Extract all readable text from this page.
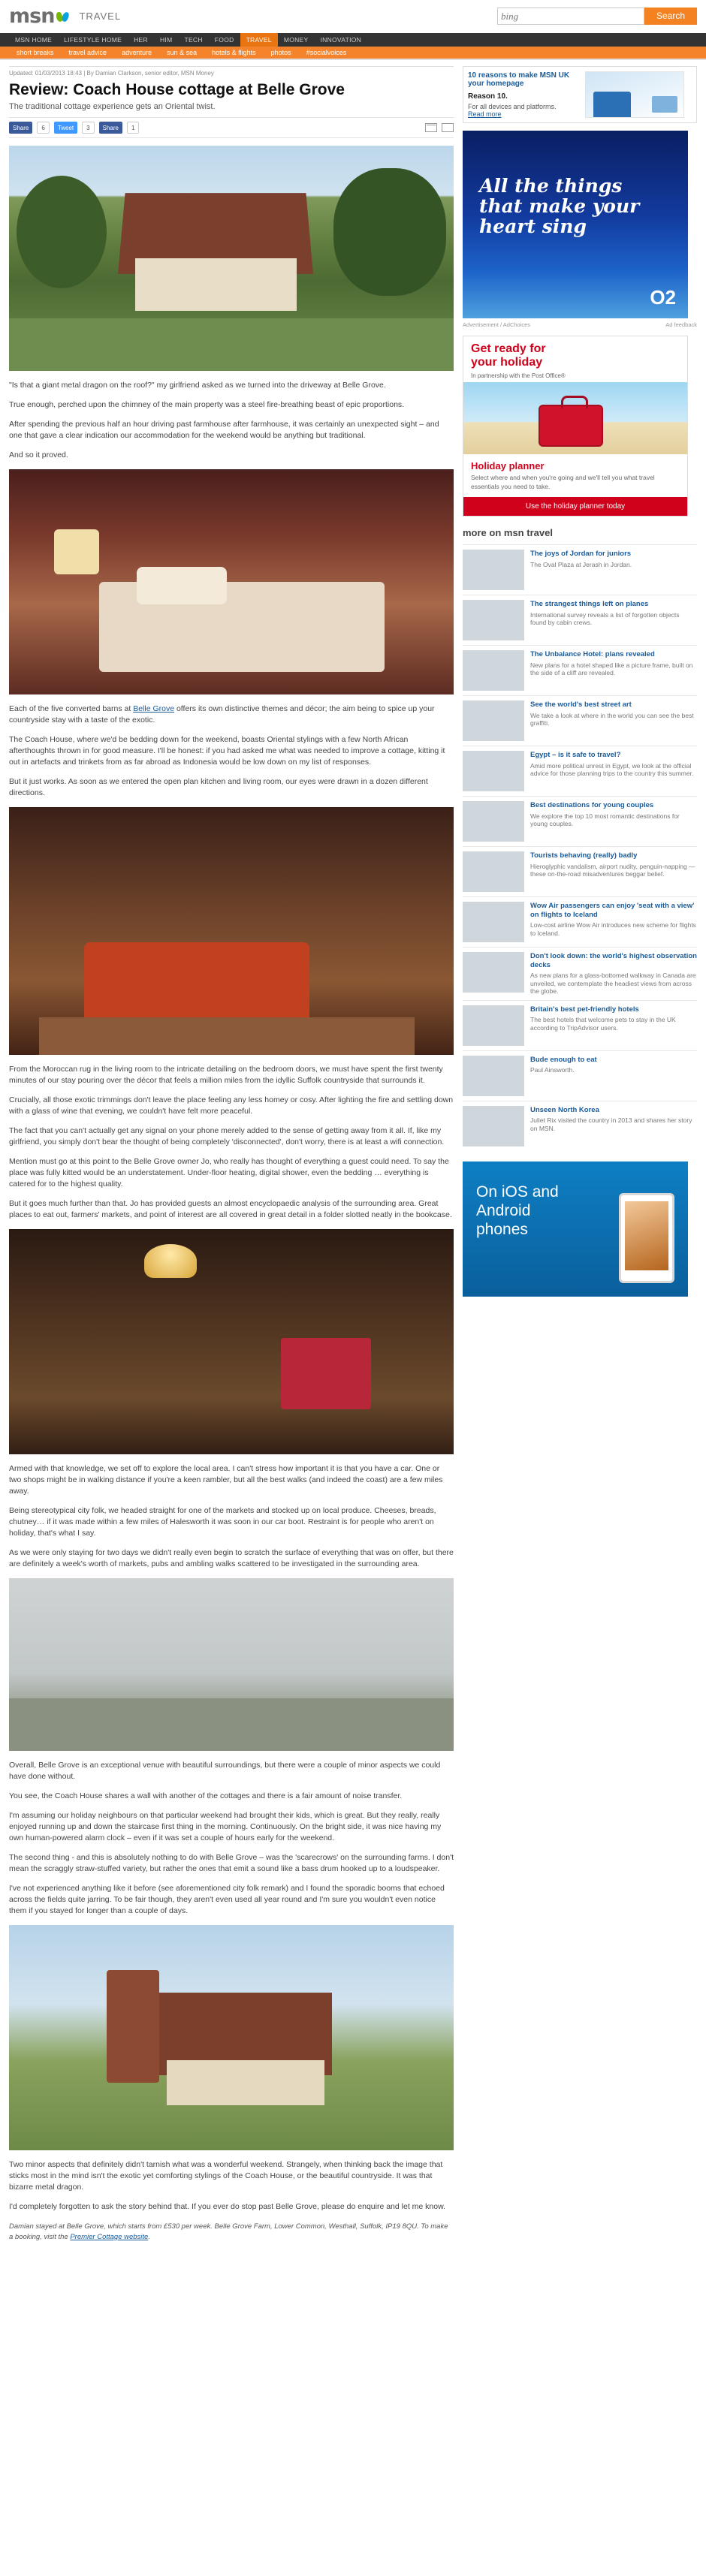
msn	TRAVEL	bing	Search
MSN HOME	LIFESTYLE HOME	HER	HIM	TECH	FOOD	TRAVEL	MONEY	INNOVATION
short breaks	travel advice	adventure	sun & sea	hotels & flights	photos	#socialvoices
Updated: 01/03/2013 18:43 | By Damian Clarkson, senior editor, MSN Money
Review: Coach House cottage at Belle Grove
The traditional cottage experience gets an Oriental twist.
Share	6	Tweet	3	Share	1

"Is that a giant metal dragon on the roof?" my girlfriend asked as we turned into the driveway at Belle Grove.

True enough, perched upon the chimney of the main property was a steel fire-breathing beast of epic proportions.

After spending the previous half an hour driving past farmhouse after farmhouse, it was certainly an unexpected sight – and one that gave a clear indication our accommodation for the weekend would be anything but traditional.

And so it proved.

Each of the five converted barns at Belle Grove offers its own distinctive themes and décor; the aim being to spice up your countryside stay with a taste of the exotic.

The Coach House, where we'd be bedding down for the weekend, boasts Oriental stylings with a few North African afterthoughts thrown in for good measure. I'll be honest: if you had asked me what was needed to improve a cottage, kitting it out in artefacts and trinkets from as far abroad as Indonesia would be low down on my list of responses.

But it just works. As soon as we entered the open plan kitchen and living room, our eyes were drawn in a dozen different directions.

From the Moroccan rug in the living room to the intricate detailing on the bedroom doors, we must have spent the first twenty minutes of our stay pouring over the décor that feels a million miles from the idyllic Suffolk countryside that surrounds it.

Crucially, all those exotic trimmings don't leave the place feeling any less homey or cosy. After lighting the fire and settling down with a glass of wine that evening, we couldn't have felt more peaceful.

The fact that you can't actually get any signal on your phone merely added to the sense of getting away from it all. If, like my girlfriend, you simply don't bear the thought of being completely 'disconnected', don't worry, there is at least a wifi connection.

Mention must go at this point to the Belle Grove owner Jo, who really has thought of everything a guest could need. To say the place was fully kitted would be an understatement. Under-floor heating, digital shower, even the bedding … everything is catered for to the highest quality.

But it goes much further than that. Jo has provided guests an almost encyclopaedic analysis of the surrounding area. Great places to eat out, farmers' markets, and point of interest are all covered in great detail in a folder slotted neatly in the bookcase.

Armed with that knowledge, we set off to explore the local area. I can't stress how important it is that you have a car. One or two shops might be in walking distance if you're a keen rambler, but all the best walks (and indeed the coast) are a few miles away.

Being stereotypical city folk, we headed straight for one of the markets and stocked up on local produce. Cheeses, breads, chutney… if it was made within a few miles of Halesworth it was soon in our car boot. Restraint is for people who aren't on holiday, that's what I say.

As we were only staying for two days we didn't really even begin to scratch the surface of everything that was on offer, but there are definitely a week's worth of markets, pubs and ambling walks scattered to be investigated in the surrounding area.

Overall, Belle Grove is an exceptional venue with beautiful surroundings, but there were a couple of minor aspects we could have done without.

You see, the Coach House shares a wall with another of the cottages and there is a fair amount of noise transfer.

I'm assuming our holiday neighbours on that particular weekend had brought their kids, which is great. But they really, really enjoyed running up and down the staircase first thing in the morning. Continuously. On the bright side, it was nice having my own human-powered alarm clock – even if it was set a couple of hours early for the weekend.

The second thing - and this is absolutely nothing to do with Belle Grove – was the 'scarecrows' on the surrounding farms. I don't mean the scraggly straw-stuffed variety, but rather the ones that emit a sound like a bass drum hooked up to a loudspeaker.

I've not experienced anything like it before (see aforementioned city folk remark) and I found the sporadic booms that echoed across the fields quite jarring. To be fair though, they aren't even used all year round and I'm sure you wouldn't even notice them if you stayed for longer than a couple of days.

Two minor aspects that definitely didn't tarnish what was a wonderful weekend. Strangely, when thinking back the image that sticks most in the mind isn't the exotic yet comforting stylings of the Coach House, or the beautiful countryside. It was that bizarre metal dragon.

I'd completely forgotten to ask the story behind that. If you ever do stop past Belle Grove, please do enquire and let me know.

Damian stayed at Belle Grove, which starts from £530 per week. Belle Grove Farm, Lower Common, Westhall, Suffolk, IP19 8QU. To make a booking, visit the Premier Cottage website.
10 reasons to make MSN UK your homepage
Reason 10.
For all devices and platforms.
Read more
All the things that make your heart sing
O2
Advertisement / AdChoices	Ad feedback
Get ready for
your holiday
In partnership with the Post Office®
Holiday planner
Select where and when you're going and we'll tell you what travel essentials you need to take.
Use the holiday planner today
more on msn travel
The joys of Jordan for juniors
The Oval Plaza at Jerash in Jordan.
The strangest things left on planes
International survey reveals a list of forgotten objects found by cabin crews.
The Unbalance Hotel: plans revealed
New plans for a hotel shaped like a picture frame, built on the side of a cliff are revealed.
See the world's best street art
We take a look at where in the world you can see the best graffiti.
Egypt – is it safe to travel?
Amid more political unrest in Egypt, we look at the official advice for those planning trips to the country this summer.
Best destinations for young couples
We explore the top 10 most romantic destinations for young couples.
Tourists behaving (really) badly
Hieroglyphic vandalism, airport nudity, penguin-napping — these on-the-road misadventures beggar belief.
Wow Air passengers can enjoy 'seat with a view' on flights to Iceland
Low-cost airline Wow Air introduces new scheme for flights to Iceland.
Don't look down: the world's highest observation decks
As new plans for a glass-bottomed walkway in Canada are unveiled, we contemplate the headiest views from across the globe.
Britain's best pet-friendly hotels
The best hotels that welcome pets to stay in the UK according to TripAdvisor users.
Bude enough to eat
Paul Ainsworth.
Unseen North Korea
Juliet Rix visited the country in 2013 and shares her story on MSN.
On iOS and
Android
phones
